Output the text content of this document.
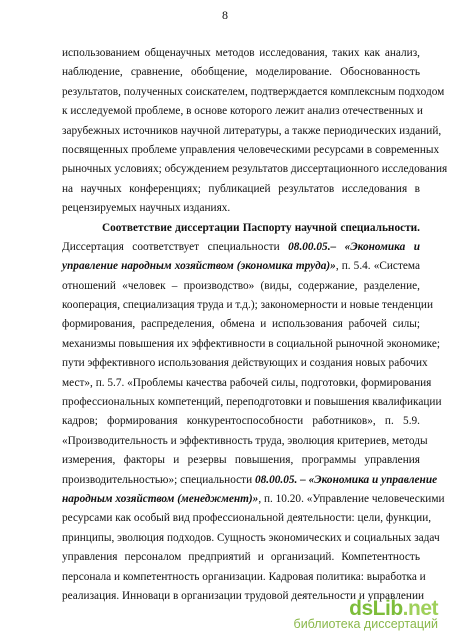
8
использованием общенаучных методов исследования, таких как анализ,
наблюдение, сравнение, обобщение, моделирование. Обоснованность
результатов, полученных соискателем, подтверждается комплексным подходом
к исследуемой проблеме, в основе которого лежит анализ отечественных и
зарубежных источников научной литературы, а также периодических изданий,
посвященных проблеме управления человеческими ресурсами в современных
рыночных условиях; обсуждением результатов диссертационного исследования
на научных конференциях; публикацией результатов исследования в
рецензируемых научных изданиях.
Соответствие диссертации Паспорту научной специальности.
Диссертация соответствует специальности 08.00.05.– «Экономика и
управление народным хозяйством (экономика труда)», п. 5.4. «Система
отношений «человек – производство» (виды, содержание, разделение,
кооперация, специализация труда и т.д.); закономерности и новые тенденции
формирования, распределения, обмена и использования рабочей силы;
механизмы повышения их эффективности в социальной рыночной экономике;
пути эффективного использования действующих и создания новых рабочих
мест», п. 5.7. «Проблемы качества рабочей силы, подготовки, формирования
профессиональных компетенций, переподготовки и повышения квалификации
кадров; формирования конкурентоспособности работников», п. 5.9.
«Производительность и эффективность труда, эволюция критериев, методы
измерения, факторы и резервы повышения, программы управления
производительностью»; специальности 08.00.05. – «Экономика и управление
народным хозяйством (менеджмент)», п. 10.20. «Управление человеческими
ресурсами как особый вид профессиональной деятельности: цели, функции,
принципы, эволюция подходов. Сущность экономических и социальных задач
управления персоналом предприятий и организаций. Компетентность
персонала и компетентность организации. Кадровая политика: выработка и
реализация. Инноваци в организации трудовой деятельности и управлении
dsLib.net
библиотека диссертаций
